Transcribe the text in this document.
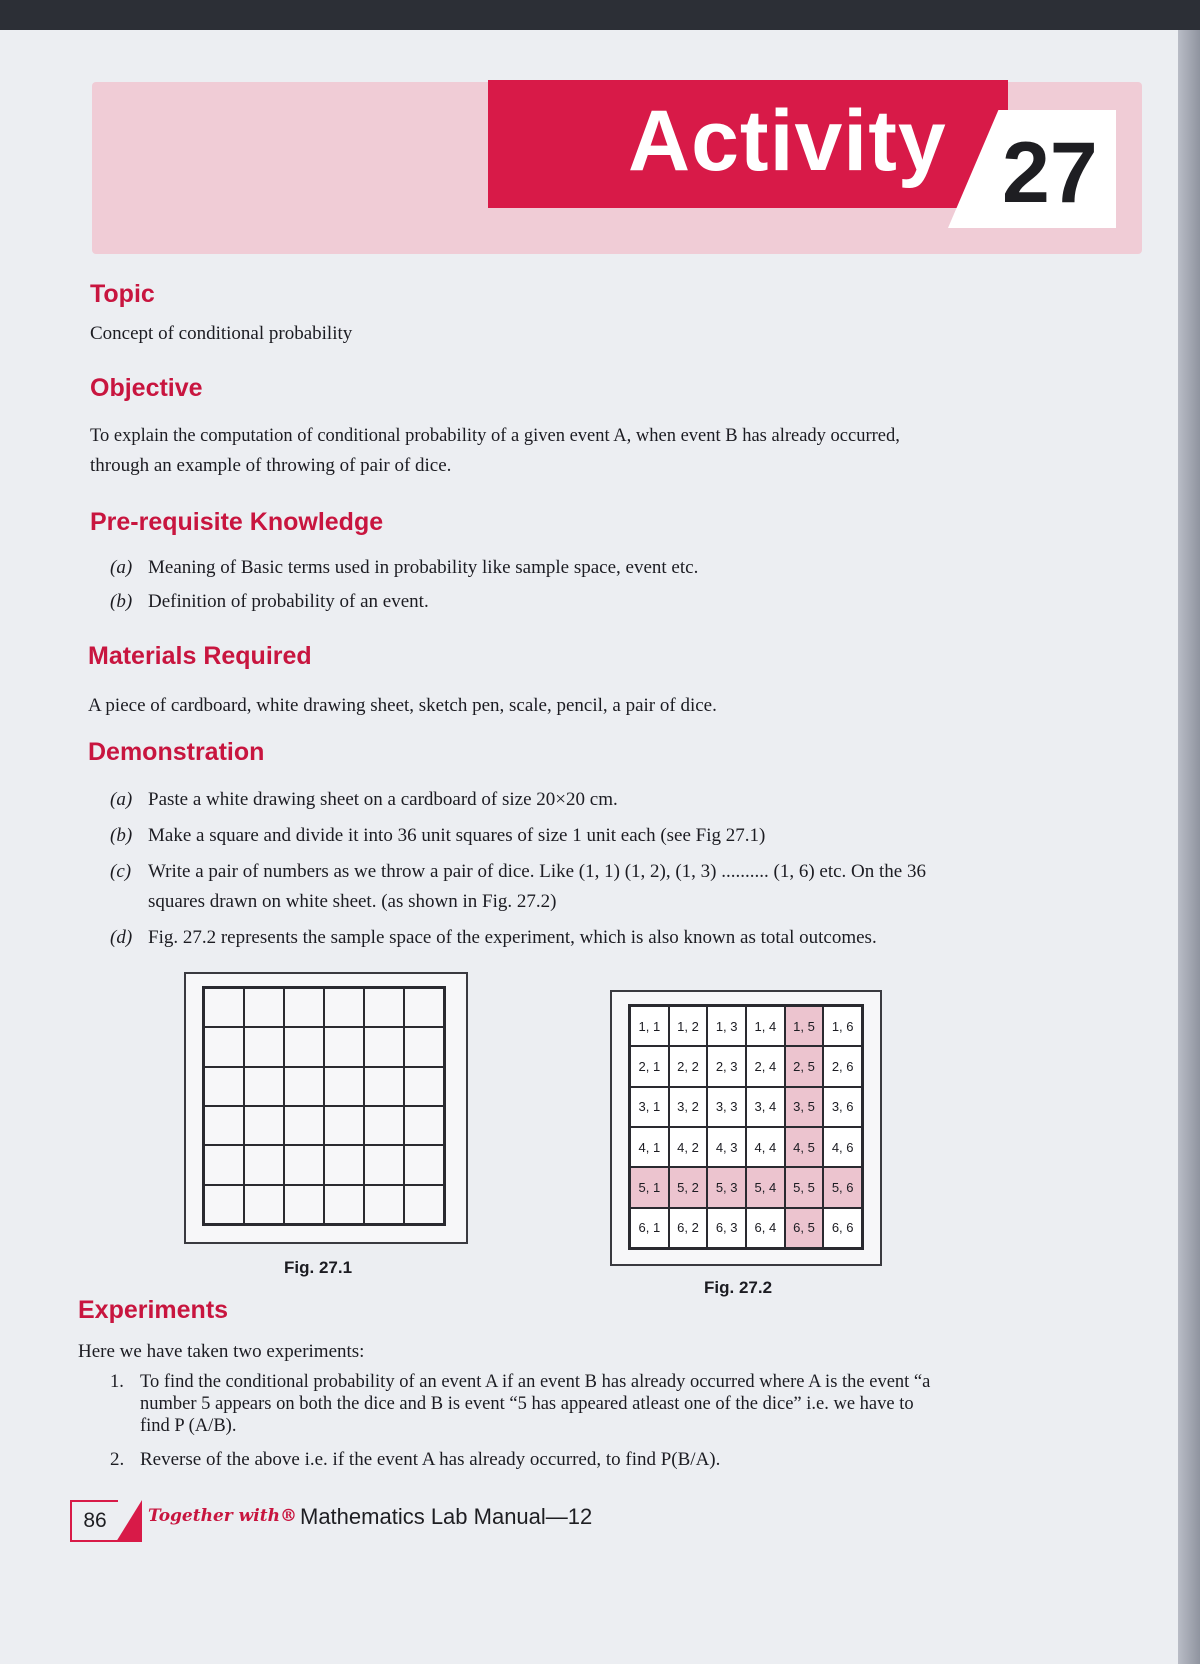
Activity 27
Topic
Concept of conditional probability
Objective
To explain the computation of conditional probability of a given event A, when event B has already occurred,
through an example of throwing of pair of dice.
Pre-requisite Knowledge
(a) Meaning of Basic terms used in probability like sample space, event etc.
(b) Definition of probability of an event.
Materials Required
A piece of cardboard, white drawing sheet, sketch pen, scale, pencil, a pair of dice.
Demonstration
(a) Paste a white drawing sheet on a cardboard of size 20×20 cm.
(b) Make a square and divide it into 36 unit squares of size 1 unit each (see Fig 27.1)
(c) Write a pair of numbers as we throw a pair of dice. Like (1, 1) (1, 2), (1, 3) .......... (1, 6) etc. On the 36
squares drawn on white sheet. (as shown in Fig. 27.2)
(d) Fig. 27.2 represents the sample space of the experiment, which is also known as total outcomes.
Fig. 27.1
1, 1	1, 2	1, 3	1, 4	1, 5	1, 6
2, 1	2, 2	2, 3	2, 4	2, 5	2, 6
3, 1	3, 2	3, 3	3, 4	3, 5	3, 6
4, 1	4, 2	4, 3	4, 4	4, 5	4, 6
5, 1	5, 2	5, 3	5, 4	5, 5	5, 6
6, 1	6, 2	6, 3	6, 4	6, 5	6, 6
Fig. 27.2
Experiments
Here we have taken two experiments:
1. To find the conditional probability of an event A if an event B has already occurred where A is the event “a
number 5 appears on both the dice and B is event “5 has appeared atleast one of the dice” i.e. we have to
find P (A/B).
2. Reverse of the above i.e. if the event A has already occurred, to find P(B/A).
86	Together with® Mathematics Lab Manual—12
